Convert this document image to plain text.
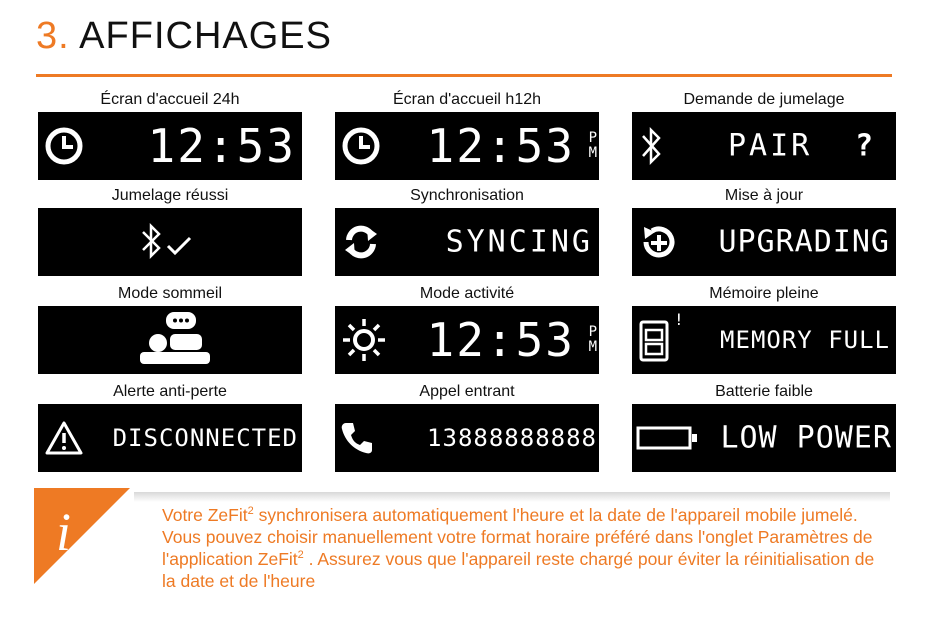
3. AFFICHAGES
Écran d'accueil 24h
12:53
Écran d'accueil h12h
12:53 P
M
Demande de jumelage
PAIR ?
Jumelage réussi	Synchronisation
SYNCING
Mise à jour
UPGRADING
Mode sommeil	Mode activité
12:53 P
M
Mémoire pleine
!
MEMORY FULL
Alerte anti-perte
DISCONNECTED
Appel entrant
13888888888
Batterie faible
LOW POWER
i	Votre ZeFit$^2$ synchronisera automatiquement l'heure et la date de l'appareil mobile jumelé. Vous pouvez choisir manuellement votre format horaire préféré dans l'onglet Paramètres de l'application ZeFit$^2$ . Assurez vous que l'appareil reste chargé pour éviter la réinitialisation de la date et de l'heure
